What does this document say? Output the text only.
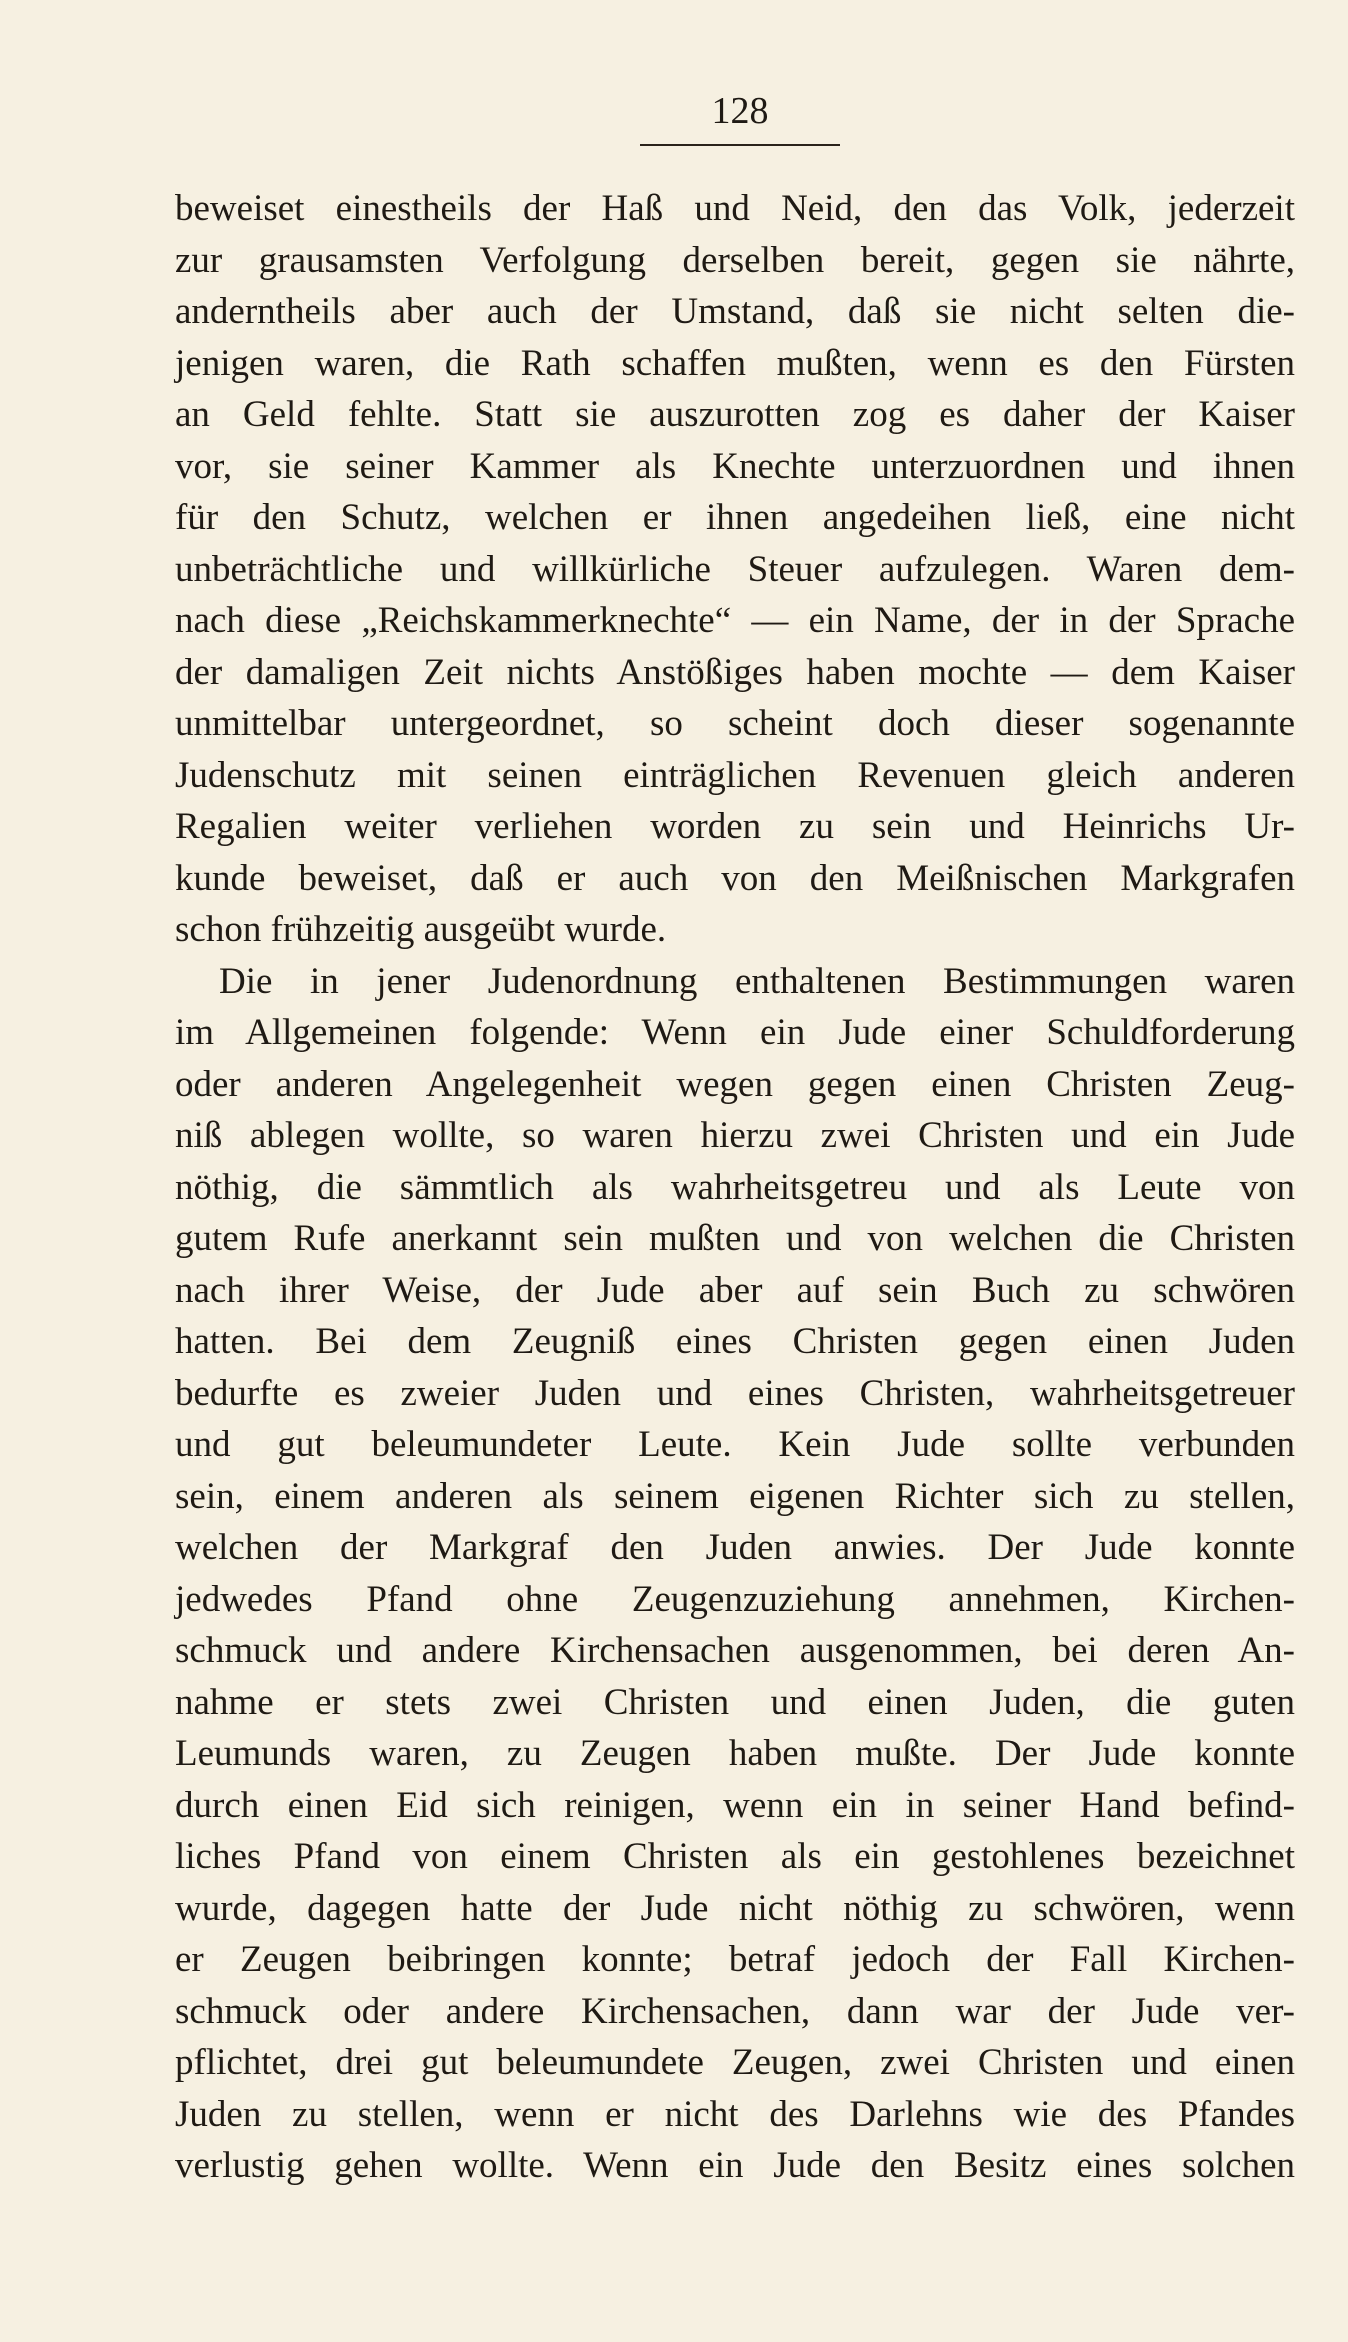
128
beweiset einestheils der Haß und Neid, den das Volk, jederzeit
zur grausamsten Verfolgung derselben bereit, gegen sie nährte,
anderntheils aber auch der Umstand, daß sie nicht selten die-
jenigen waren, die Rath schaffen mußten, wenn es den Fürsten
an Geld fehlte. Statt sie auszurotten zog es daher der Kaiser
vor, sie seiner Kammer als Knechte unterzuordnen und ihnen
für den Schutz, welchen er ihnen angedeihen ließ, eine nicht
unbeträchtliche und willkürliche Steuer aufzulegen. Waren dem-
nach diese „Reichskammerknechte“ — ein Name, der in der Sprache
der damaligen Zeit nichts Anstößiges haben mochte — dem Kaiser
unmittelbar untergeordnet, so scheint doch dieser sogenannte
Judenschutz mit seinen einträglichen Revenuen gleich anderen
Regalien weiter verliehen worden zu sein und Heinrichs Ur-
kunde beweiset, daß er auch von den Meißnischen Markgrafen
schon frühzeitig ausgeübt wurde.
Die in jener Judenordnung enthaltenen Bestimmungen waren
im Allgemeinen folgende: Wenn ein Jude einer Schuldforderung
oder anderen Angelegenheit wegen gegen einen Christen Zeug-
niß ablegen wollte, so waren hierzu zwei Christen und ein Jude
nöthig, die sämmtlich als wahrheitsgetreu und als Leute von
gutem Rufe anerkannt sein mußten und von welchen die Christen
nach ihrer Weise, der Jude aber auf sein Buch zu schwören
hatten. Bei dem Zeugniß eines Christen gegen einen Juden
bedurfte es zweier Juden und eines Christen, wahrheitsgetreuer
und gut beleumundeter Leute. Kein Jude sollte verbunden
sein, einem anderen als seinem eigenen Richter sich zu stellen,
welchen der Markgraf den Juden anwies. Der Jude konnte
jedwedes Pfand ohne Zeugenzuziehung annehmen, Kirchen-
schmuck und andere Kirchensachen ausgenommen, bei deren An-
nahme er stets zwei Christen und einen Juden, die guten
Leumunds waren, zu Zeugen haben mußte. Der Jude konnte
durch einen Eid sich reinigen, wenn ein in seiner Hand befind-
liches Pfand von einem Christen als ein gestohlenes bezeichnet
wurde, dagegen hatte der Jude nicht nöthig zu schwören, wenn
er Zeugen beibringen konnte; betraf jedoch der Fall Kirchen-
schmuck oder andere Kirchensachen, dann war der Jude ver-
pflichtet, drei gut beleumundete Zeugen, zwei Christen und einen
Juden zu stellen, wenn er nicht des Darlehns wie des Pfandes
verlustig gehen wollte. Wenn ein Jude den Besitz eines solchen
